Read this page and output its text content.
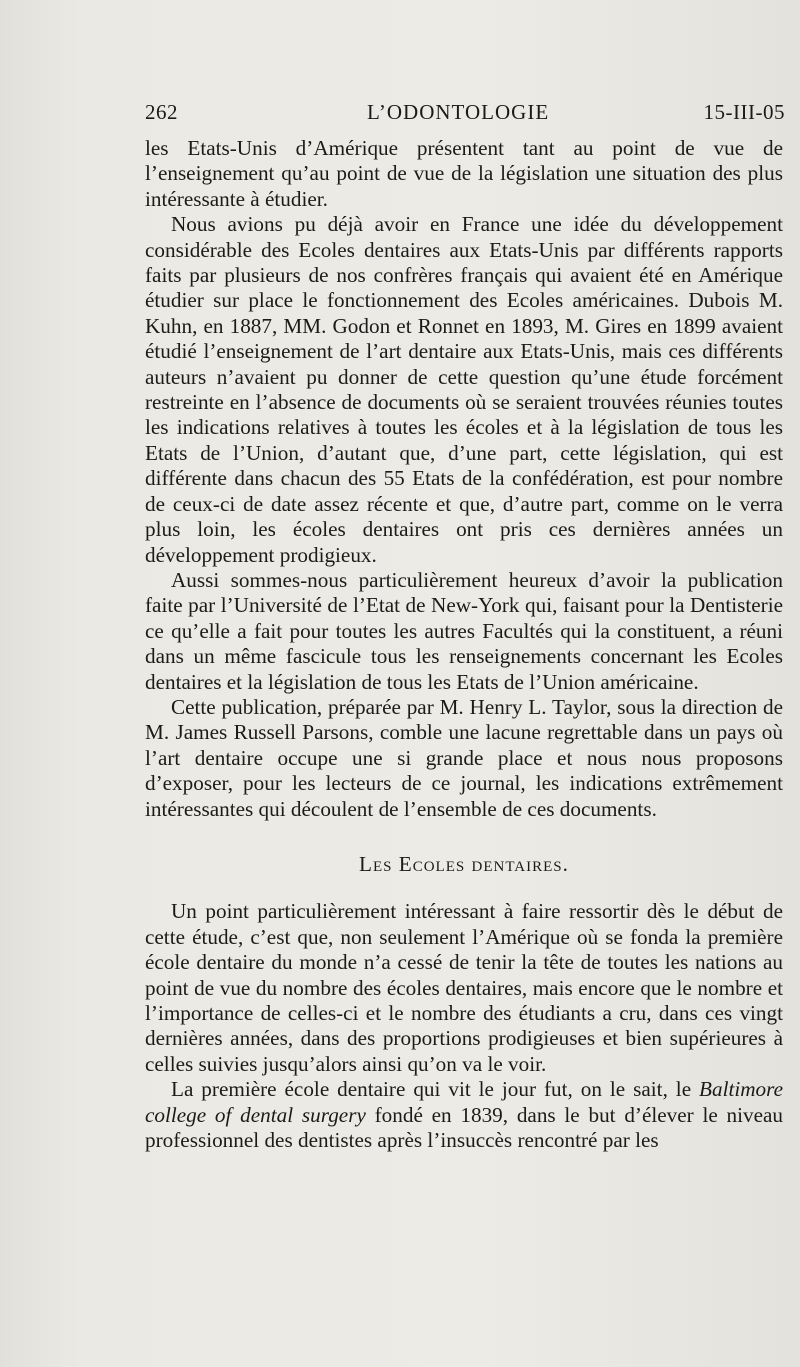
262	L’ODONTOLOGIE	15-III-05

les Etats-Unis d’Amérique présentent tant au point de vue de l’enseignement qu’au point de vue de la législation une situation des plus intéressante à étudier.

Nous avions pu déjà avoir en France une idée du développement considérable des Ecoles dentaires aux Etats-Unis par différents rapports faits par plusieurs de nos confrères français qui avaient été en Amérique étudier sur place le fonctionnement des Ecoles américaines. Dubois M. Kuhn, en 1887, MM. Godon et Ronnet en 1893, M. Gires en 1899 avaient étudié l’enseignement de l’art dentaire aux Etats-Unis, mais ces différents auteurs n’avaient pu donner de cette question qu’une étude forcément restreinte en l’absence de documents où se seraient trouvées réunies toutes les indications relatives à toutes les écoles et à la législation de tous les Etats de l’Union, d’autant que, d’une part, cette législation, qui est différente dans chacun des 55 Etats de la confédération, est pour nombre de ceux-ci de date assez récente et que, d’autre part, comme on le verra plus loin, les écoles dentaires ont pris ces dernières années un développement prodigieux.

Aussi sommes-nous particulièrement heureux d’avoir la publication faite par l’Université de l’Etat de New-York qui, faisant pour la Dentisterie ce qu’elle a fait pour toutes les autres Facultés qui la constituent, a réuni dans un même fascicule tous les renseignements concernant les Ecoles dentaires et la législation de tous les Etats de l’Union américaine.

Cette publication, préparée par M. Henry L. Taylor, sous la direction de M. James Russell Parsons, comble une lacune regrettable dans un pays où l’art dentaire occupe une si grande place et nous nous proposons d’exposer, pour les lecteurs de ce journal, les indications extrêmement intéressantes qui découlent de l’ensemble de ces documents.

Les Ecoles dentaires.

Un point particulièrement intéressant à faire ressortir dès le début de cette étude, c’est que, non seulement l’Amérique où se fonda la première école dentaire du monde n’a cessé de tenir la tête de toutes les nations au point de vue du nombre des écoles dentaires, mais encore que le nombre et l’importance de celles-ci et le nombre des étudiants a cru, dans ces vingt dernières années, dans des proportions prodigieuses et bien supérieures à celles suivies jusqu’alors ainsi qu’on va le voir.

La première école dentaire qui vit le jour fut, on le sait, le Baltimore college of dental surgery fondé en 1839, dans le but d’élever le niveau professionnel des dentistes après l’insuccès rencontré par les
